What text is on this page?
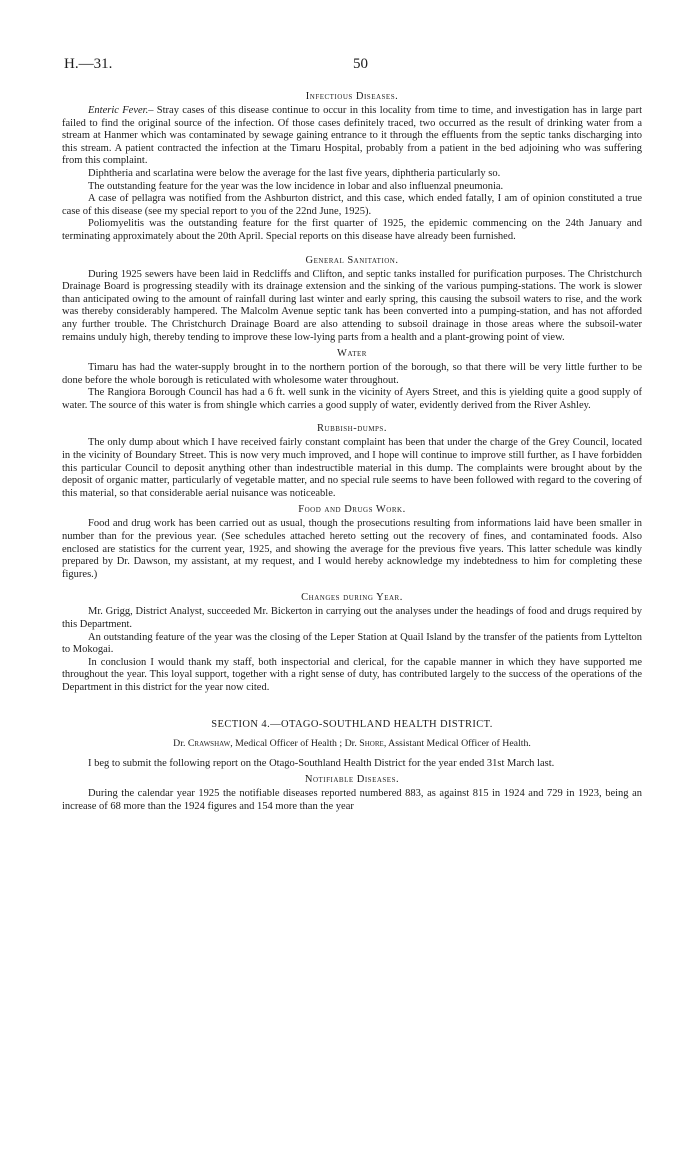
H.—31.	50
Infectious Diseases.

Enteric Fever.– Stray cases of this disease continue to occur in this locality from time to time, and investigation has in large part failed to find the original source of the infection. Of those cases definitely traced, two occurred as the result of drinking water from a stream at Hanmer which was contaminated by sewage gaining entrance to it through the effluents from the septic tanks discharging into this stream. A patient contracted the infection at the Timaru Hospital, probably from a patient in the bed adjoining who was suffering from this complaint.

Diphtheria and scarlatina were below the average for the last five years, diphtheria particularly so.

The outstanding feature for the year was the low incidence in lobar and also influenzal pneumonia.

A case of pellagra was notified from the Ashburton district, and this case, which ended fatally, I am of opinion constituted a true case of this disease (see my special report to you of the 22nd June, 1925).

Poliomyelitis was the outstanding feature for the first quarter of 1925, the epidemic commencing on the 24th January and terminating approximately about the 20th April. Special reports on this disease have already been furnished.

General Sanitation.

During 1925 sewers have been laid in Redcliffs and Clifton, and septic tanks installed for purification purposes. The Christchurch Drainage Board is progressing steadily with its drainage extension and the sinking of the various pumping-stations. The work is slower than anticipated owing to the amount of rainfall during last winter and early spring, this causing the subsoil waters to rise, and the work was thereby considerably hampered. The Malcolm Avenue septic tank has been converted into a pumping-station, and has not afforded any further trouble. The Christchurch Drainage Board are also attending to subsoil drainage in those areas where the subsoil-water remains unduly high, thereby tending to improve these low-lying parts from a health and a plant-growing point of view.

Water

Timaru has had the water-supply brought in to the northern portion of the borough, so that there will be very little further to be done before the whole borough is reticulated with wholesome water throughout.

The Rangiora Borough Council has had a 6 ft. well sunk in the vicinity of Ayers Street, and this is yielding quite a good supply of water. The source of this water is from shingle which carries a good supply of water, evidently derived from the River Ashley.

Rubbish-dumps.

The only dump about which I have received fairly constant complaint has been that under the charge of the Grey Council, located in the vicinity of Boundary Street. This is now very much improved, and I hope will continue to improve still further, as I have forbidden this particular Council to deposit anything other than indestructible material in this dump. The complaints were brought about by the deposit of organic matter, particularly of vegetable matter, and no special rule seems to have been followed with regard to the covering of this material, so that considerable aerial nuisance was noticeable.

Food and Drugs Work.

Food and drug work has been carried out as usual, though the prosecutions resulting from informations laid have been smaller in number than for the previous year. (See schedules attached hereto setting out the recovery of fines, and contaminated foods. Also enclosed are statistics for the current year, 1925, and showing the average for the previous five years. This latter schedule was kindly prepared by Dr. Dawson, my assistant, at my request, and I would hereby acknowledge my indebtedness to him for completing these figures.)

Changes during Year.

Mr. Grigg, District Analyst, succeeded Mr. Bickerton in carrying out the analyses under the headings of food and drugs required by this Department.

An outstanding feature of the year was the closing of the Leper Station at Quail Island by the transfer of the patients from Lyttelton to Mokogai.

In conclusion I would thank my staff, both inspectorial and clerical, for the capable manner in which they have supported me throughout the year. This loyal support, together with a right sense of duty, has contributed largely to the success of the operations of the Department in this district for the year now cited.

SECTION 4.—OTAGO-SOUTHLAND HEALTH DISTRICT.
Dr. Crawshaw, Medical Officer of Health ; Dr. Shore, Assistant Medical Officer of Health.

I beg to submit the following report on the Otago-Southland Health District for the year ended 31st March last.

Notifiable Diseases.

During the calendar year 1925 the notifiable diseases reported numbered 883, as against 815 in 1924 and 729 in 1923, being an increase of 68 more than the 1924 figures and 154 more than the year
